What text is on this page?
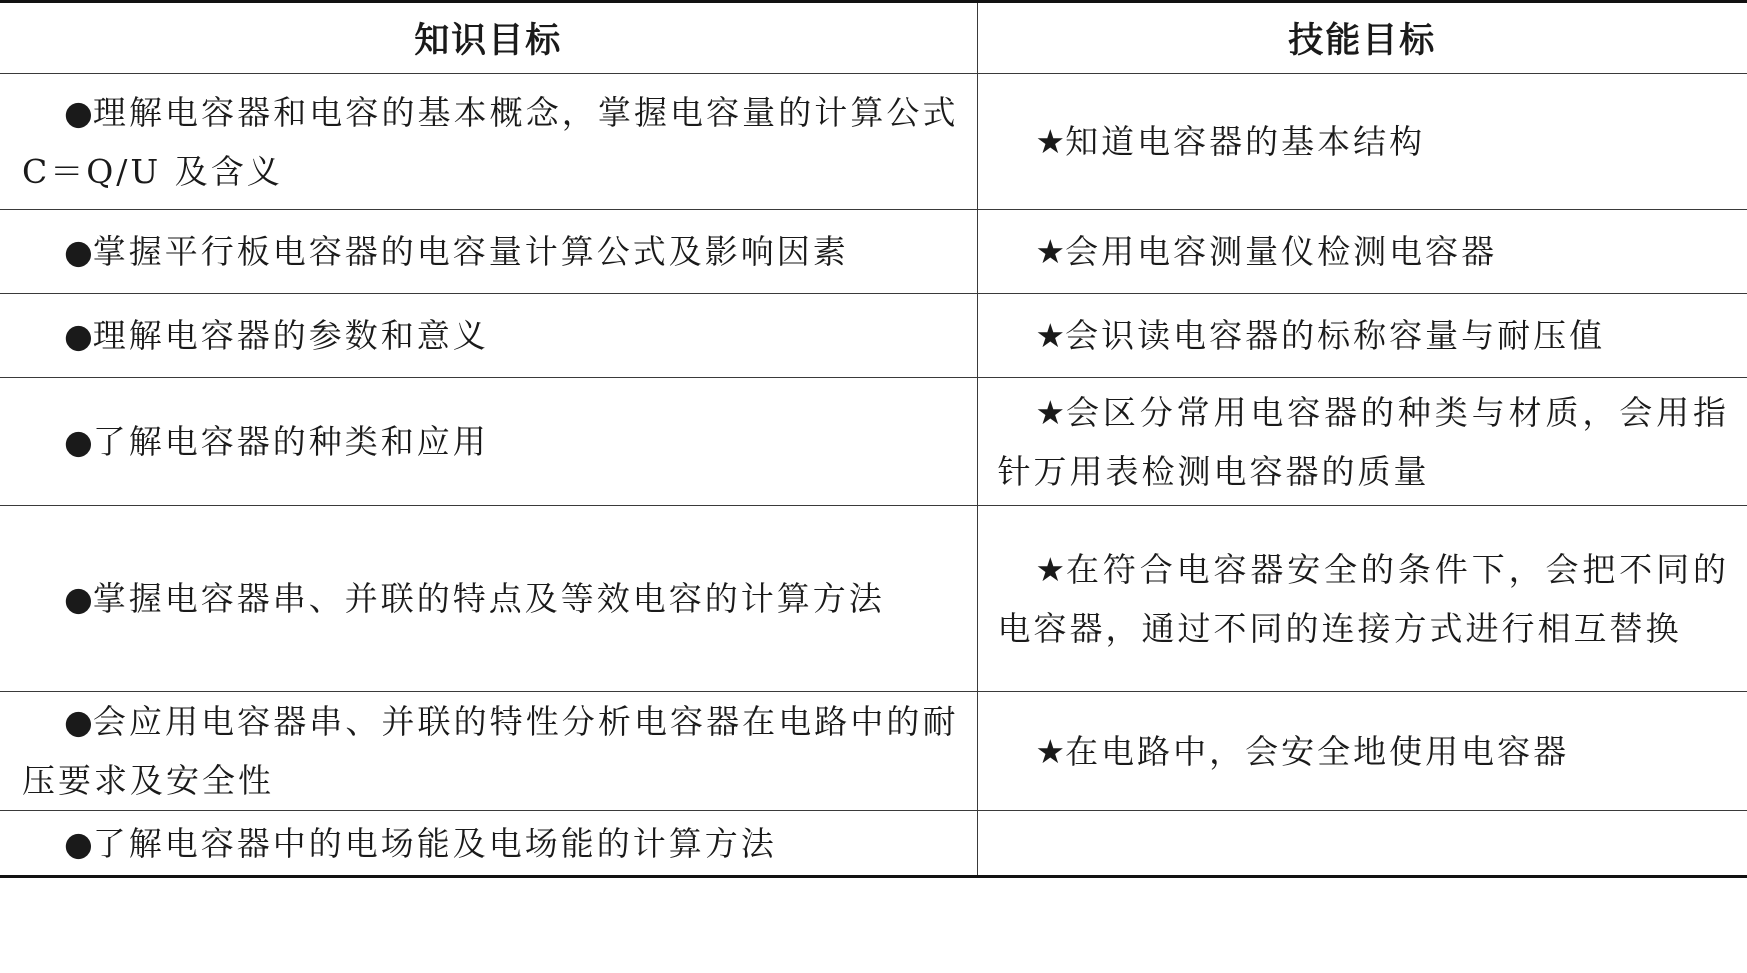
知识目标	技能目标

●理解电容器和电容的基本概念，掌握电容量的计算公式 C＝Q/U 及含义	★知道电容器的基本结构

●掌握平行板电容器的电容量计算公式及影响因素	★会用电容测量仪检测电容器

●理解电容器的参数和意义	★会识读电容器的标称容量与耐压值

●了解电容器的种类和应用	★会区分常用电容器的种类与材质，会用指针万用表检测电容器的质量

●掌握电容器串、并联的特点及等效电容的计算方法	★在符合电容器安全的条件下，会把不同的电容器，通过不同的连接方式进行相互替换

●会应用电容器串、并联的特性分析电容器在电路中的耐压要求及安全性	★在电路中，会安全地使用电容器

●了解电容器中的电场能及电场能的计算方法	
